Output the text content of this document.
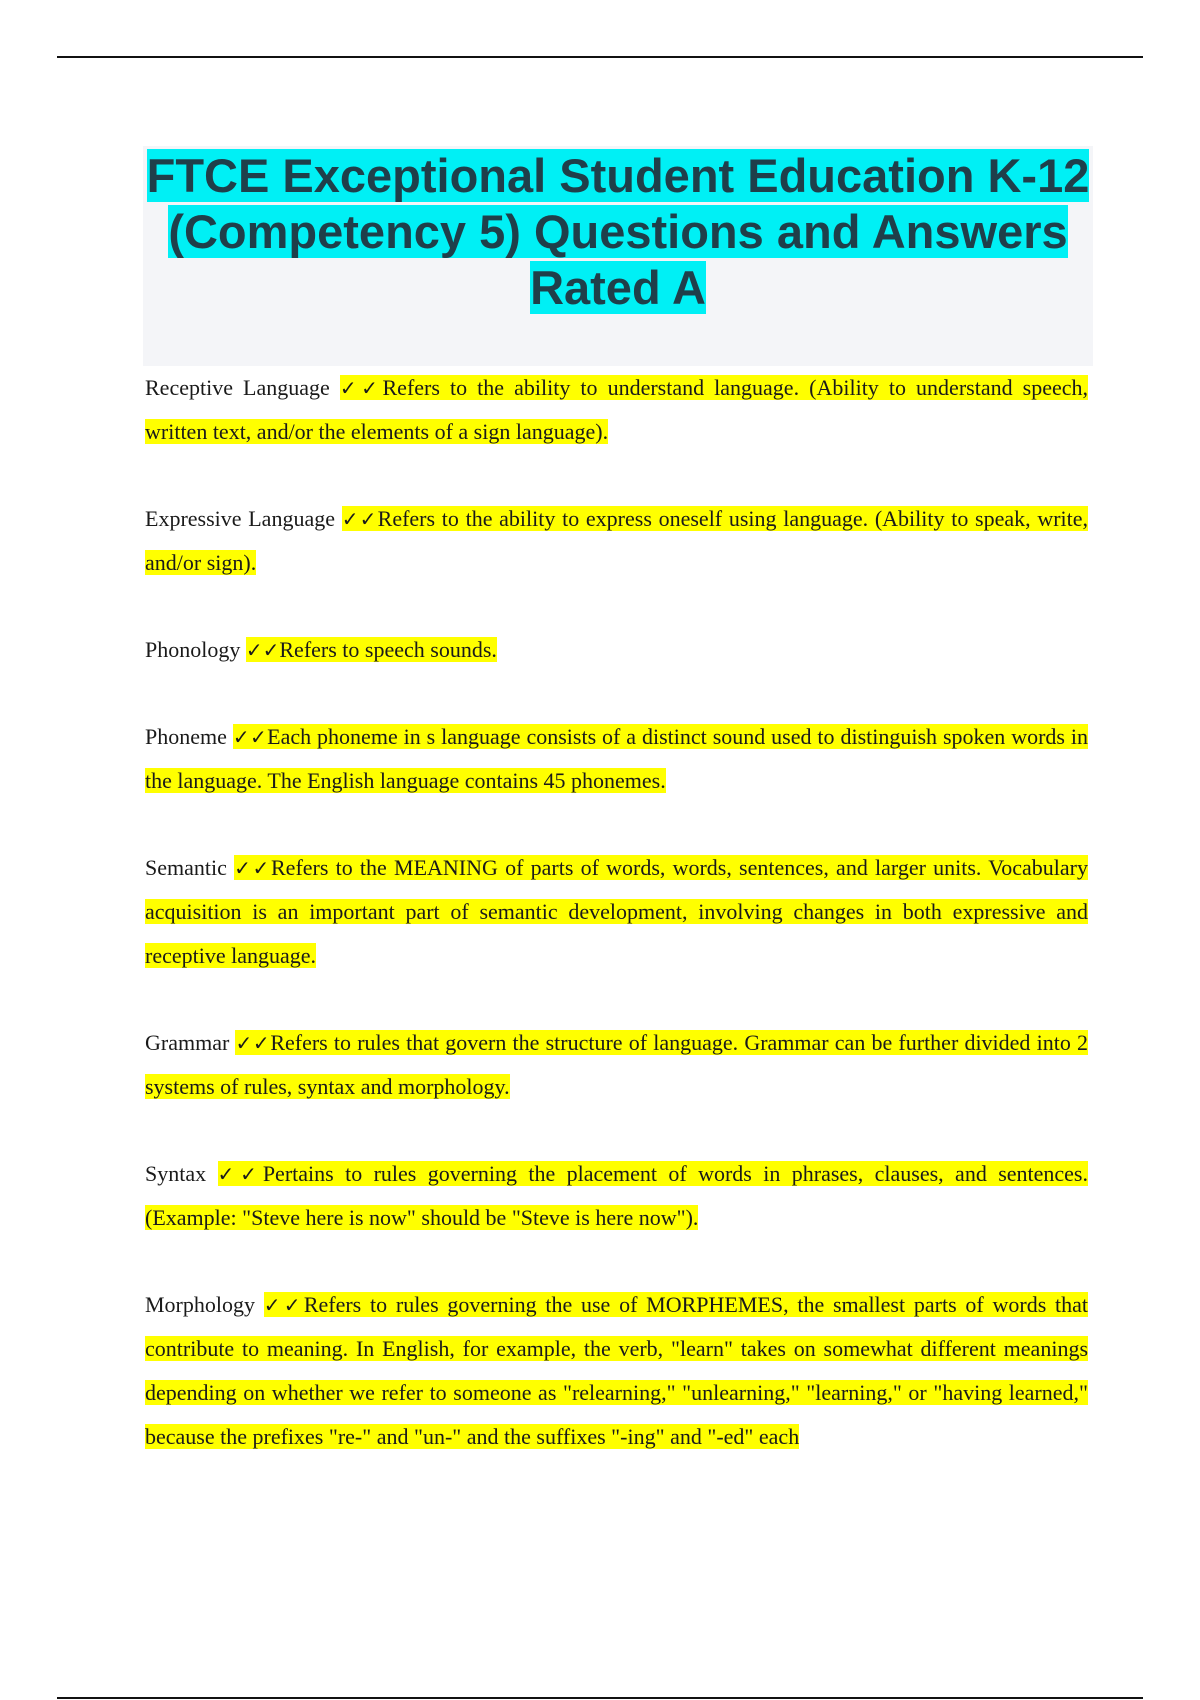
FTCE Exceptional Student Education K-12 (Competency 5) Questions and Answers Rated A

Receptive Language ✓✓Refers to the ability to understand language. (Ability to understand speech, written text, and/or the elements of a sign language).

Expressive Language ✓✓Refers to the ability to express oneself using language. (Ability to speak, write, and/or sign).

Phonology ✓✓Refers to speech sounds.

Phoneme ✓✓Each phoneme in s language consists of a distinct sound used to distinguish spoken words in the language. The English language contains 45 phonemes.

Semantic ✓✓Refers to the MEANING of parts of words, words, sentences, and larger units. Vocabulary acquisition is an important part of semantic development, involving changes in both expressive and receptive language.

Grammar ✓✓Refers to rules that govern the structure of language. Grammar can be further divided into 2 systems of rules, syntax and morphology.

Syntax ✓✓Pertains to rules governing the placement of words in phrases, clauses, and sentences. (Example: "Steve here is now" should be "Steve is here now").

Morphology ✓✓Refers to rules governing the use of MORPHEMES, the smallest parts of words that contribute to meaning. In English, for example, the verb, "learn" takes on somewhat different meanings depending on whether we refer to someone as "relearning," "unlearning," "learning," or "having learned," because the prefixes "re-" and "un-" and the suffixes "-ing" and "-ed" each
